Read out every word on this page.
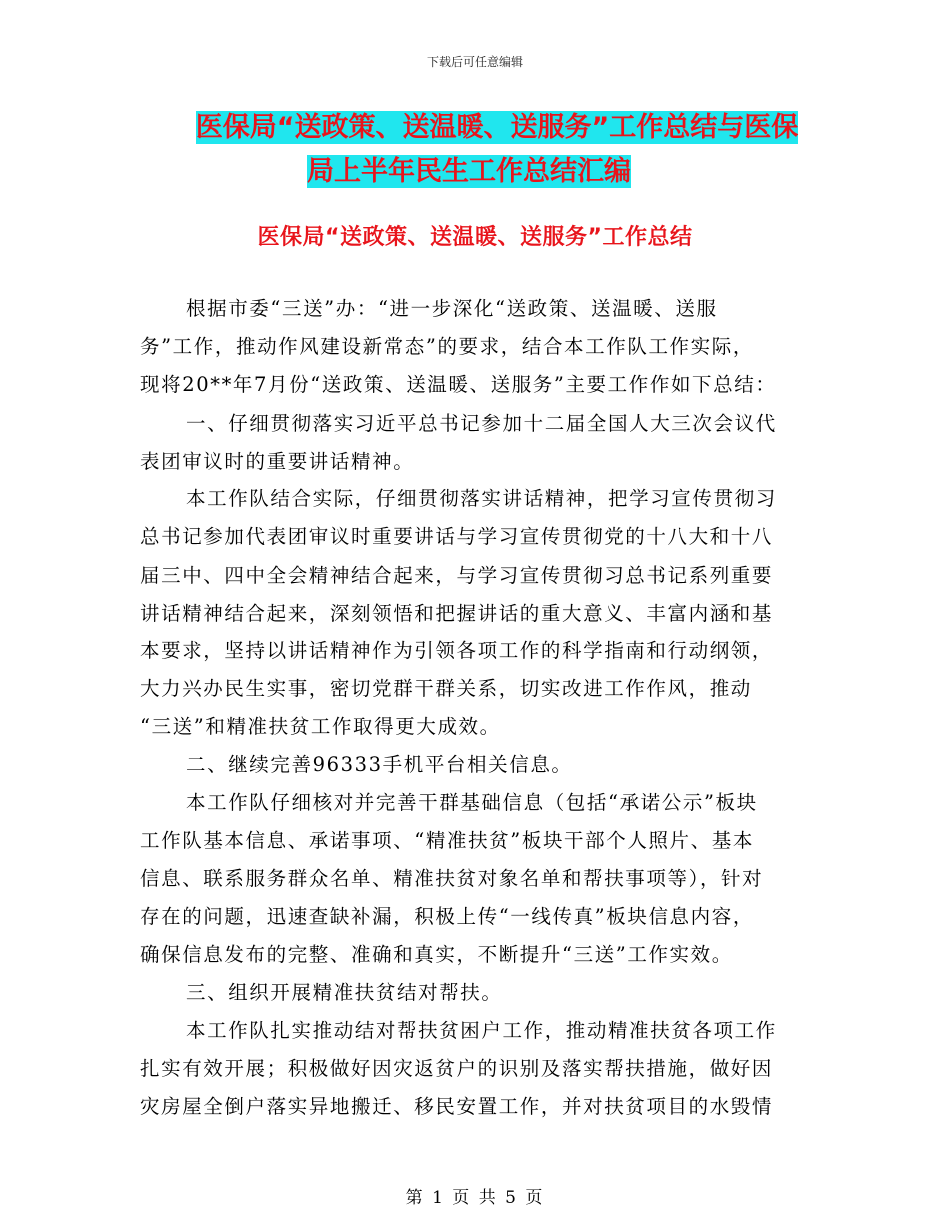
下载后可任意编辑
医保局“送政策、送温暖、送服务”工作总结与医保
局上半年民生工作总结汇编
医保局“送政策、送温暖、送服务”工作总结
根据市委“三送”办：“进一步深化“送政策、送温暖、送服
务”工作，推动作风建设新常态”的要求，结合本工作队工作实际，
现将20**年7月份“送政策、送温暖、送服务”主要工作作如下总结：
一、仔细贯彻落实习近平总书记参加十二届全国人大三次会议代
表团审议时的重要讲话精神。
本工作队结合实际，仔细贯彻落实讲话精神，把学习宣传贯彻习
总书记参加代表团审议时重要讲话与学习宣传贯彻党的十八大和十八
届三中、四中全会精神结合起来，与学习宣传贯彻习总书记系列重要
讲话精神结合起来，深刻领悟和把握讲话的重大意义、丰富内涵和基
本要求，坚持以讲话精神作为引领各项工作的科学指南和行动纲领，
大力兴办民生实事，密切党群干群关系，切实改进工作作风，推动
“三送”和精准扶贫工作取得更大成效。
二、继续完善96333手机平台相关信息。
本工作队仔细核对并完善干群基础信息（包括“承诺公示”板块
工作队基本信息、承诺事项、“精准扶贫”板块干部个人照片、基本
信息、联系服务群众名单、精准扶贫对象名单和帮扶事项等），针对
存在的问题，迅速查缺补漏，积极上传“一线传真”板块信息内容，
确保信息发布的完整、准确和真实，不断提升“三送”工作实效。
三、组织开展精准扶贫结对帮扶。
本工作队扎实推动结对帮扶贫困户工作，推动精准扶贫各项工作
扎实有效开展；积极做好因灾返贫户的识别及落实帮扶措施，做好因
灾房屋全倒户落实异地搬迁、移民安置工作，并对扶贫项目的水毁情
第 1 页 共 5 页
